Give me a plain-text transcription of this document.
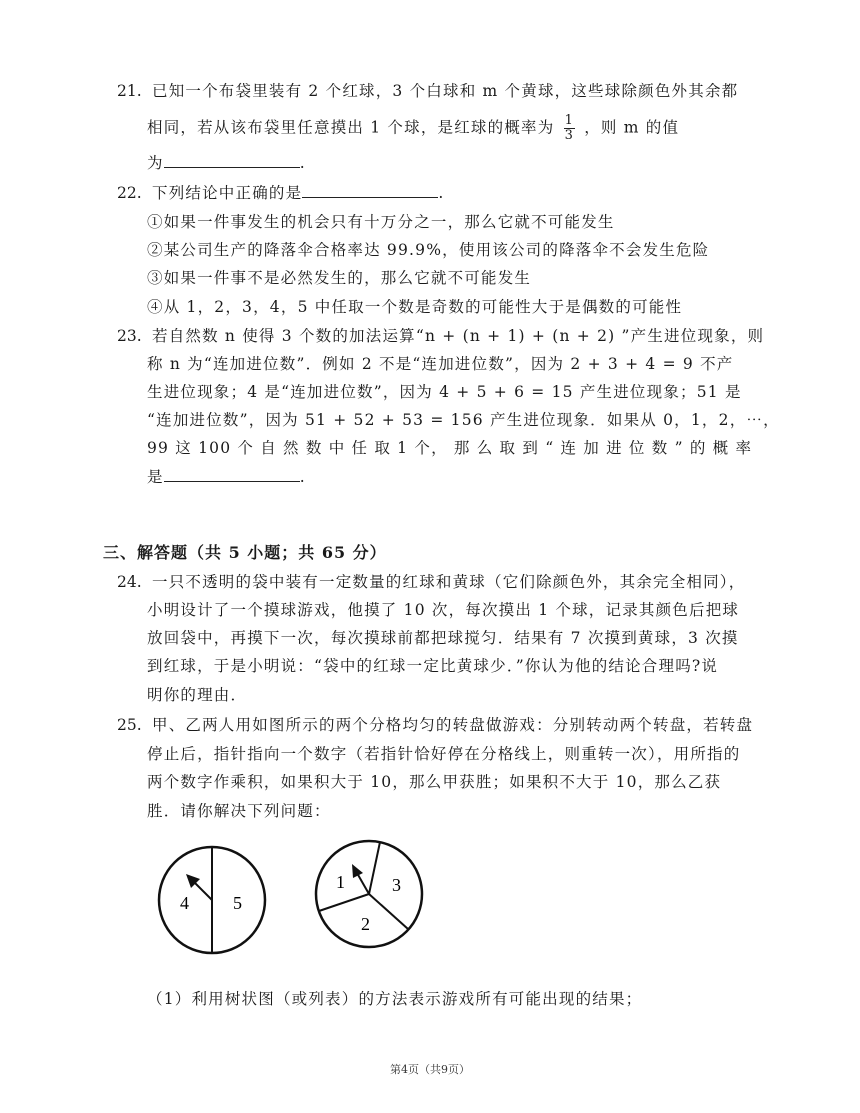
21. 已知一个布袋里装有 2 个红球，3 个白球和 m 个黄球，这些球除颜色外其余都
相同，若从该布袋里任意摸出 1 个球，是红球的概率为 $\frac{1}{3}$ ，则 m 的值
为	.
22. 下列结论中正确的是	.
①如果一件事发生的机会只有十万分之一，那么它就不可能发生
②某公司生产的降落伞合格率达 99.9%，使用该公司的降落伞不会发生危险
③如果一件事不是必然发生的，那么它就不可能发生
④从 1，2，3，4，5 中任取一个数是奇数的可能性大于是偶数的可能性
23. 若自然数 n 使得 3 个数的加法运算“n + (n + 1) + (n + 2) ”产生进位现象，则
称 n 为“连加进位数”．例如 2 不是“连加进位数”，因为 2 + 3 + 4 = 9 不产
生进位现象；4 是“连加进位数”，因为 4 + 5 + 6 = 15 产生进位现象；51 是
“连加进位数”，因为 51 + 52 + 53 = 156 产生进位现象．如果从 0，1，2，⋯，
99 这 100 个 自 然 数 中 任 取 1 个， 那 么 取 到 “ 连 加 进 位 数 ” 的 概 率
是	.
三、解答题（共 5 小题；共 65 分）
24. 一只不透明的袋中装有一定数量的红球和黄球（它们除颜色外，其余完全相同），
小明设计了一个摸球游戏，他摸了 10 次，每次摸出 1 个球，记录其颜色后把球
放回袋中，再摸下一次，每次摸球前都把球搅匀．结果有 7 次摸到黄球，3 次摸
到红球，于是小明说：“袋中的红球一定比黄球少．”你认为他的结论合理吗?说
明你的理由．
25. 甲、乙两人用如图所示的两个分格均匀的转盘做游戏：分别转动两个转盘，若转盘
停止后，指针指向一个数字（若指针恰好停在分格线上，则重转一次），用所指的
两个数字作乘积，如果积大于 10，那么甲获胜；如果积不大于 10，那么乙获
胜．请你解决下列问题：
4 5
1	3
2
（1）利用树状图（或列表）的方法表示游戏所有可能出现的结果；
第4页（共9页）
